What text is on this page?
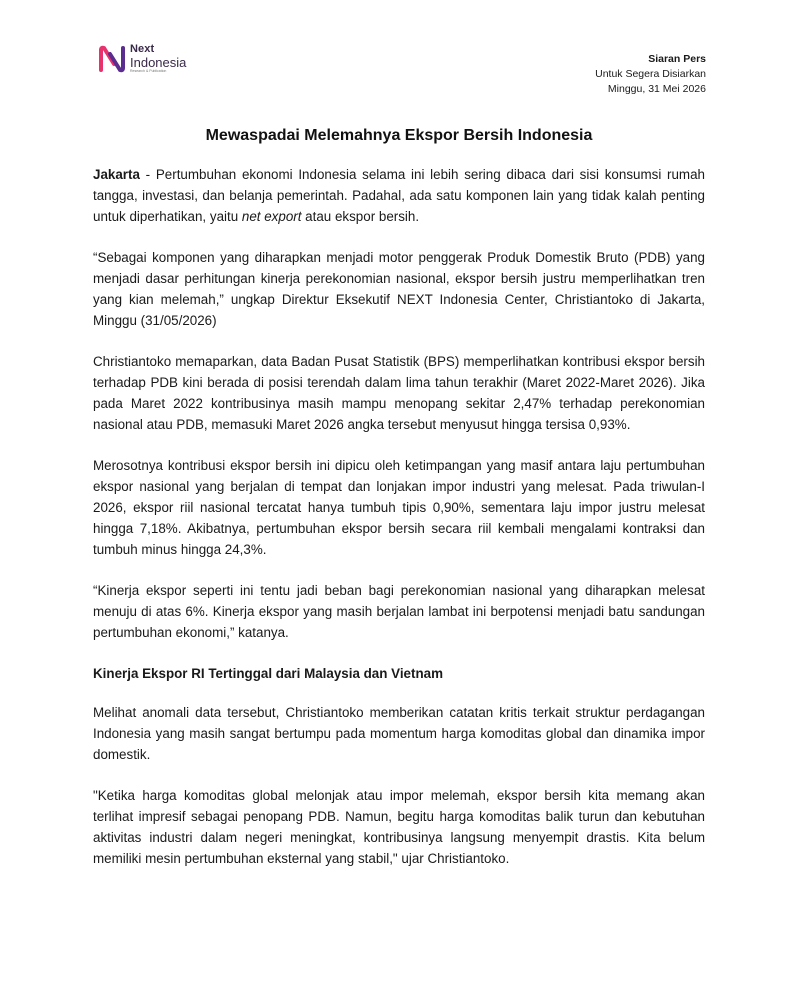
Next
Indonesia
Research & Publication
Siaran Pers
Untuk Segera Disiarkan
Minggu, 31 Mei 2026
Mewaspadai Melemahnya Ekspor Bersih Indonesia

Jakarta - Pertumbuhan ekonomi Indonesia selama ini lebih sering dibaca dari sisi konsumsi rumah tangga, investasi, dan belanja pemerintah. Padahal, ada satu komponen lain yang tidak kalah penting untuk diperhatikan, yaitu net export atau ekspor bersih.

“Sebagai komponen yang diharapkan menjadi motor penggerak Produk Domestik Bruto (PDB) yang menjadi dasar perhitungan kinerja perekonomian nasional, ekspor bersih justru memperlihatkan tren yang kian melemah,” ungkap Direktur Eksekutif NEXT Indonesia Center, Christiantoko di Jakarta, Minggu (31/05/2026)

Christiantoko memaparkan, data Badan Pusat Statistik (BPS) memperlihatkan kontribusi ekspor bersih terhadap PDB kini berada di posisi terendah dalam lima tahun terakhir (Maret 2022-Maret 2026). Jika pada Maret 2022 kontribusinya masih mampu menopang sekitar 2,47% terhadap perekonomian nasional atau PDB, memasuki Maret 2026 angka tersebut menyusut hingga tersisa 0,93%.

Merosotnya kontribusi ekspor bersih ini dipicu oleh ketimpangan yang masif antara laju pertumbuhan ekspor nasional yang berjalan di tempat dan lonjakan impor industri yang melesat. Pada triwulan-I 2026, ekspor riil nasional tercatat hanya tumbuh tipis 0,90%, sementara laju impor justru melesat hingga 7,18%. Akibatnya, pertumbuhan ekspor bersih secara riil kembali mengalami kontraksi dan tumbuh minus hingga 24,3%.

“Kinerja ekspor seperti ini tentu jadi beban bagi perekonomian nasional yang diharapkan melesat menuju di atas 6%. Kinerja ekspor yang masih berjalan lambat ini berpotensi menjadi batu sandungan pertumbuhan ekonomi,” katanya.

Kinerja Ekspor RI Tertinggal dari Malaysia dan Vietnam

Melihat anomali data tersebut, Christiantoko memberikan catatan kritis terkait struktur perdagangan Indonesia yang masih sangat bertumpu pada momentum harga komoditas global dan dinamika impor domestik.

"Ketika harga komoditas global melonjak atau impor melemah, ekspor bersih kita memang akan terlihat impresif sebagai penopang PDB. Namun, begitu harga komoditas balik turun dan kebutuhan aktivitas industri dalam negeri meningkat, kontribusinya langsung menyempit drastis. Kita belum memiliki mesin pertumbuhan eksternal yang stabil," ujar Christiantoko.
